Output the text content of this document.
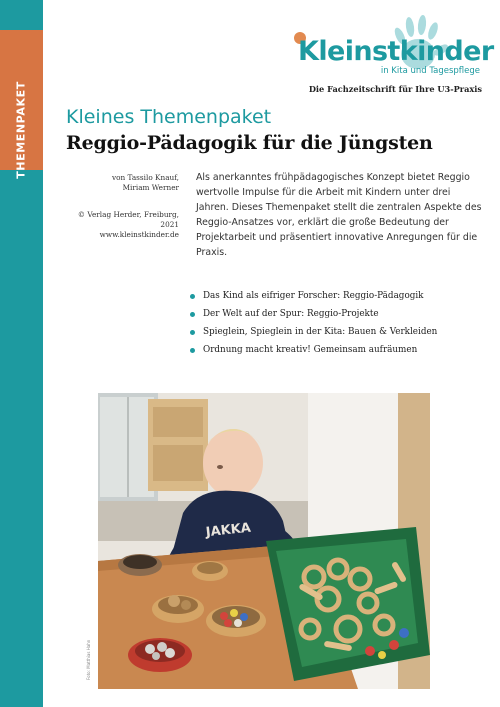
THEMENPAKET
Kleinstkinder
in Kita und Tagespflege
Die Fachzeitschrift für Ihre U3-Praxis
Kleines Themenpaket
Reggio-Pädagogik für die Jüngsten
von Tassilo Knauf,
Miriam Werner
© Verlag Herder, Freiburg, 2021
www.kleinstkinder.de
Als anerkanntes frühpädagogisches Konzept bietet Reggio wertvolle Impulse für die Arbeit mit Kindern unter drei Jahren. Dieses Themenpaket stellt die zentralen Aspekte des Reggio-Ansatzes vor, erklärt die große Bedeutung der Projektarbeit und präsentiert innovative Anregungen für die Praxis.
Das Kind als eifriger Forscher: Reggio-Pädagogik
Der Welt auf der Spur: Reggio-Projekte
Spieglein, Spieglein in der Kita: Bauen & Verkleiden
Ordnung macht kreativ! Gemeinsam aufräumen
JAKKA
Foto: Matthias Hahn
